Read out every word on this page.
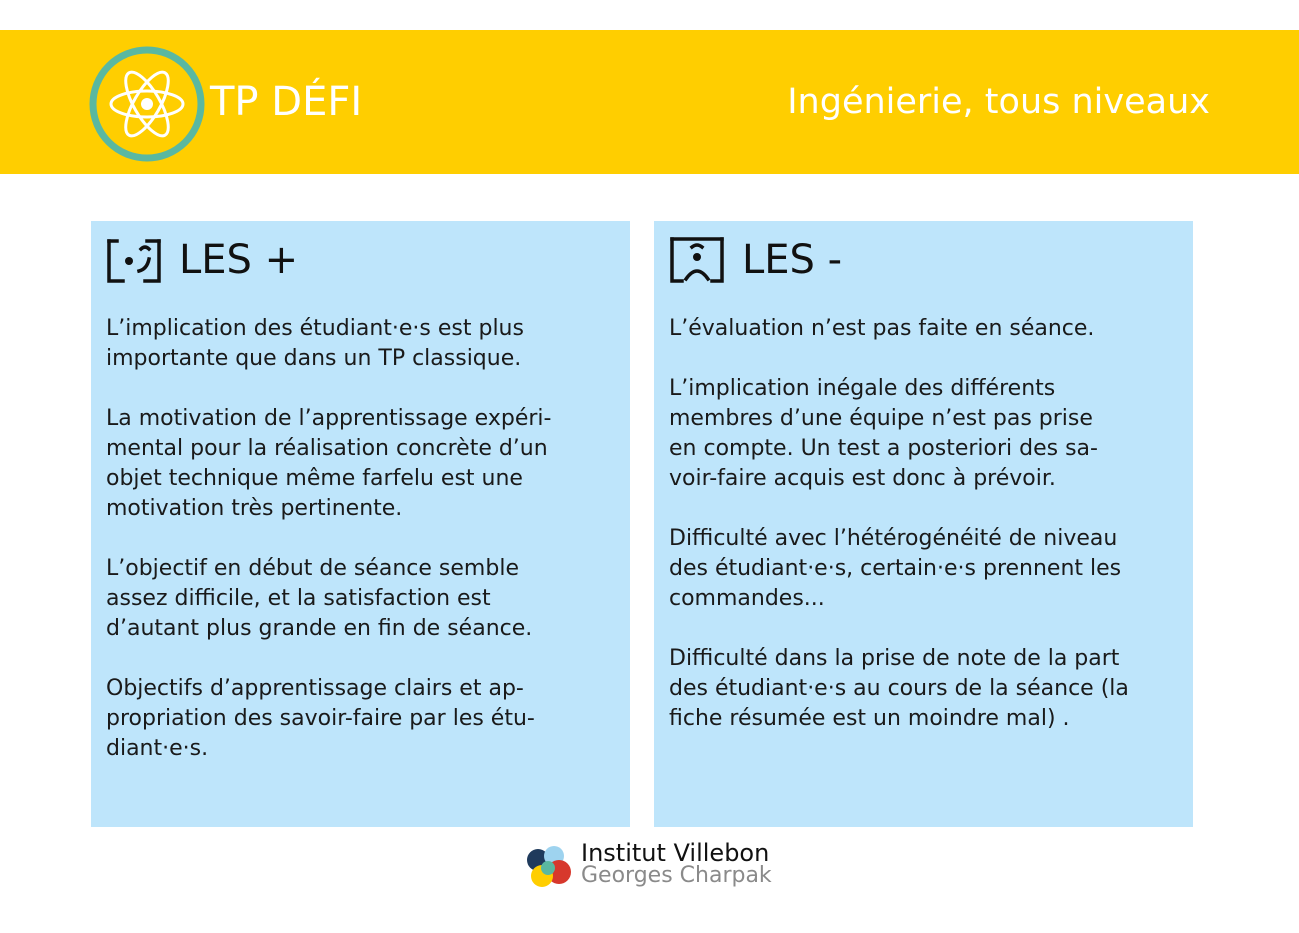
TP DÉFI	Ingénierie, tous niveaux
LES +

L’implication des étudiant·e·s est plus
importante que dans un TP classique.

La motivation de l’apprentissage expéri-
mental pour la réalisation concrète d’un
objet technique même farfelu est une
motivation très pertinente.

L’objectif en début de séance semble
assez difficile, et la satisfaction est
d’autant plus grande en fin de séance.

Objectifs d’apprentissage clairs et ap-
propriation des savoir-faire par les étu-
diant·e·s.

LES -

L’évaluation n’est pas faite en séance.

L’implication inégale des différents
membres d’une équipe n’est pas prise
en compte. Un test a posteriori des sa-
voir-faire acquis est donc à prévoir.

Difficulté avec l’hétérogénéité de niveau
des étudiant·e·s, certain·e·s prennent les
commandes...

Difficulté dans la prise de note de la part
des étudiant·e·s au cours de la séance (la
fiche résumée est un moindre mal) .

Institut Villebon
Georges Charpak
